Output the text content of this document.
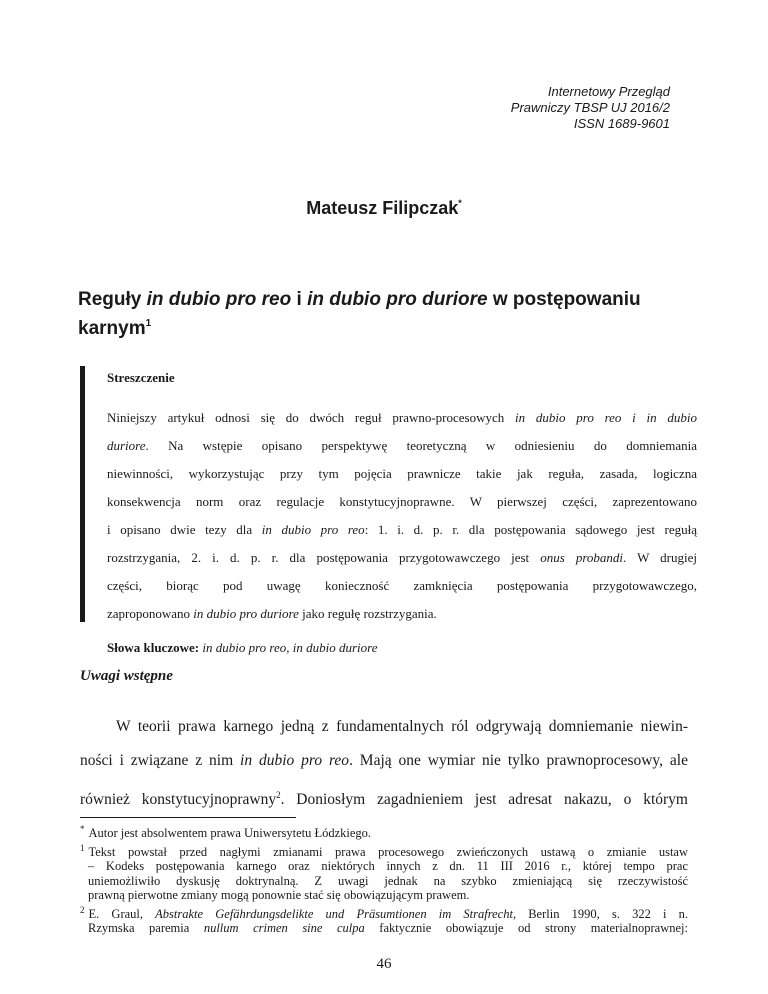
Internetowy Przegląd
Prawniczy TBSP UJ 2016/2
ISSN 1689-9601
Mateusz Filipczak*
Reguły in dubio pro reo i in dubio pro duriore w postępowaniu
karnym$^1$
Streszczenie
Niniejszy artykuł odnosi się do dwóch reguł prawno-procesowych in dubio pro reo i in dubio
duriore. Na wstępie opisano perspektywę teoretyczną w odniesieniu do domniemania
niewinności, wykorzystując przy tym pojęcia prawnicze takie jak reguła, zasada, logiczna
konsekwencja norm oraz regulacje konstytucyjnoprawne. W pierwszej części, zaprezentowano
i opisano dwie tezy dla in dubio pro reo: 1. i. d. p. r. dla postępowania sądowego jest regułą
rozstrzygania, 2. i. d. p. r. dla postępowania przygotowawczego jest onus probandi. W drugiej
części, biorąc pod uwagę konieczność zamknięcia postępowania przygotowawczego,
zaproponowano in dubio pro duriore jako regułę rozstrzygania.
Słowa kluczowe: in dubio pro reo, in dubio duriore
Uwagi wstępne
W teorii prawa karnego jedną z fundamentalnych ról odgrywają domniemanie niewin-
ności i związane z nim in dubio pro reo. Mają one wymiar nie tylko prawnoprocesowy, ale
również konstytucyjnoprawny$^2$. Doniosłym zagadnieniem jest adresat nakazu, o którym
* Autor jest absolwentem prawa Uniwersytetu Łódzkiego.
$^1$ Tekst powstał przed nagłymi zmianami prawa procesowego zwieńczonych ustawą o zmianie ustaw
– Kodeks postępowania karnego oraz niektórych innych z dn. 11 III 2016 r., której tempo prac
uniemożliwiło dyskusję doktrynalną. Z uwagi jednak na szybko zmieniającą się rzeczywistość
prawną pierwotne zmiany mogą ponownie stać się obowiązującym prawem.
$^2$ E. Graul, Abstrakte Gefährdungsdelikte und Präsumtionen im Strafrecht, Berlin 1990, s. 322 i n.
Rzymska paremia nullum crimen sine culpa faktycznie obowiązuje od strony materialnoprawnej:
46
